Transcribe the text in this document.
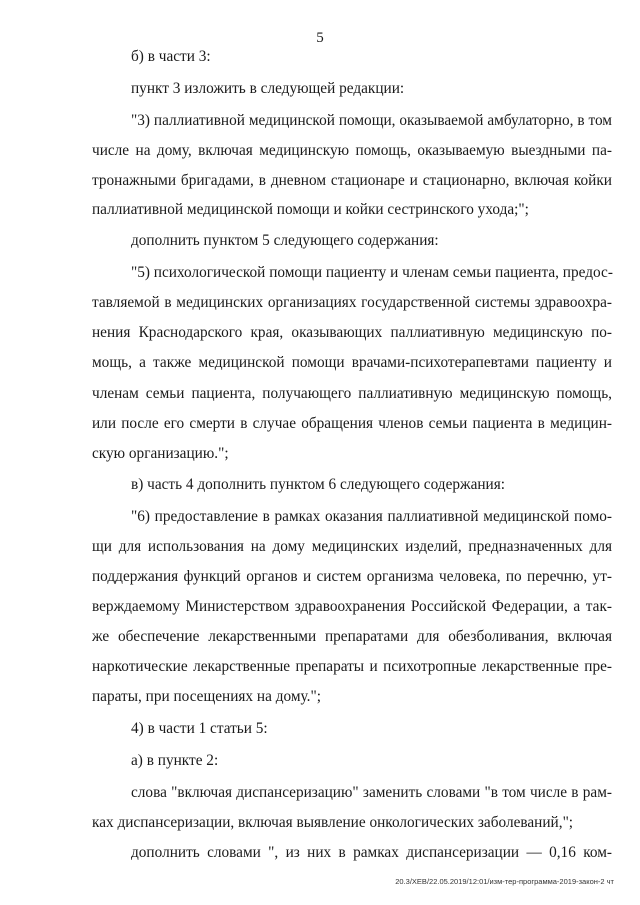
5
б) в части 3:
пункт 3 изложить в следующей редакции:
"3) паллиативной медицинской помощи, оказываемой амбулаторно, в том
числе на дому, включая медицинскую помощь, оказываемую выездными па-
тронажными бригадами, в дневном стационаре и стационарно, включая койки
паллиативной медицинской помощи и койки сестринского ухода;";
дополнить пунктом 5 следующего содержания:
"5) психологической помощи пациенту и членам семьи пациента, предос-
тавляемой в медицинских организациях государственной системы здравоохра-
нения Краснодарского края, оказывающих паллиативную медицинскую по-
мощь, а также медицинской помощи врачами-психотерапевтами пациенту и
членам семьи пациента, получающего паллиативную медицинскую помощь,
или после его смерти в случае обращения членов семьи пациента в медицин-
скую организацию.";
в) часть 4 дополнить пунктом 6 следующего содержания:
"6) предоставление в рамках оказания паллиативной медицинской помо-
щи для использования на дому медицинских изделий, предназначенных для
поддержания функций органов и систем организма человека, по перечню, ут-
верждаемому Министерством здравоохранения Российской Федерации, а так-
же обеспечение лекарственными препаратами для обезболивания, включая
наркотические лекарственные препараты и психотропные лекарственные пре-
параты, при посещениях на дому.";
4) в части 1 статьи 5:
а) в пункте 2:
слова "включая диспансеризацию" заменить словами "в том числе в рам-
ках диспансеризации, включая выявление онкологических заболеваний,";
дополнить словами ", из них в рамках диспансеризации — 0,16 ком-
20.3/ХЕВ/22.05.2019/12:01/изм-тер-программа-2019-закон-2 чт
